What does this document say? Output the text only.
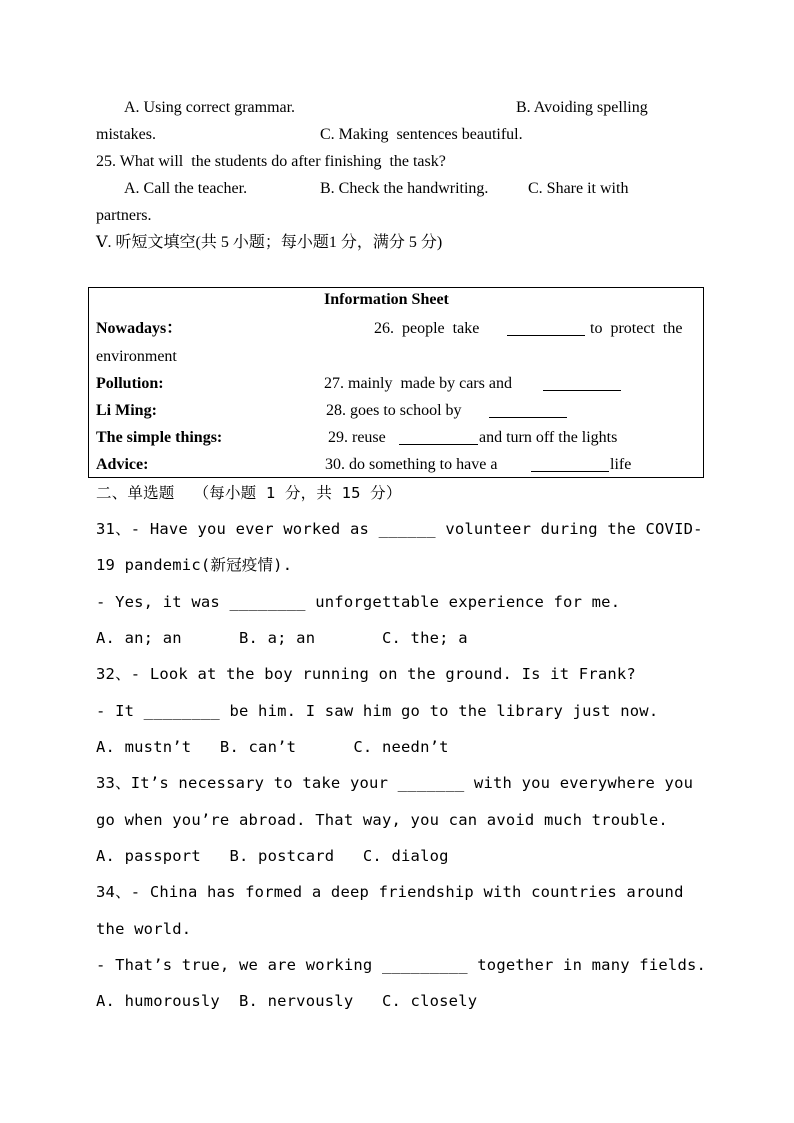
A. Using correct grammar.	B. Avoiding spelling
mistakes.	C. Making  sentences beautiful.
25. What will  the students do after finishing  the task?
A. Call the teacher.	B. Check the handwriting. C. Share it with
partners.
Ⅴ. 听短文填空(共 5 小题；每小题1 分，满分 5 分)
Information Sheet
Nowadays：	26.  people  take	to  protect  the
environment
Pollution:	27. mainly  made by cars and
Li Ming:	28. goes to school by
The simple things:	29. reuse	and turn off the lights
Advice:	30. do something to have a	life
二、单选题  （每小题 1 分，共 15 分）
31、- Have you ever worked as ______ volunteer during the COVID-
19 pandemic(新冠疫情).
- Yes, it was ________ unforgettable experience for me.
A. an; an      B. a; an       C. the; a
32、- Look at the boy running on the ground. Is it Frank?
- It ________ be him. I saw him go to the library just now.
A. mustn’t   B. can’t      C. needn’t
33、It’s necessary to take your _______ with you everywhere you
go when you’re abroad. That way, you can avoid much trouble.
A. passport   B. postcard   C. dialog
34、- China has formed a deep friendship with countries around
the world.
- That’s true, we are working _________ together in many fields.
A. humorously  B. nervously   C. closely
